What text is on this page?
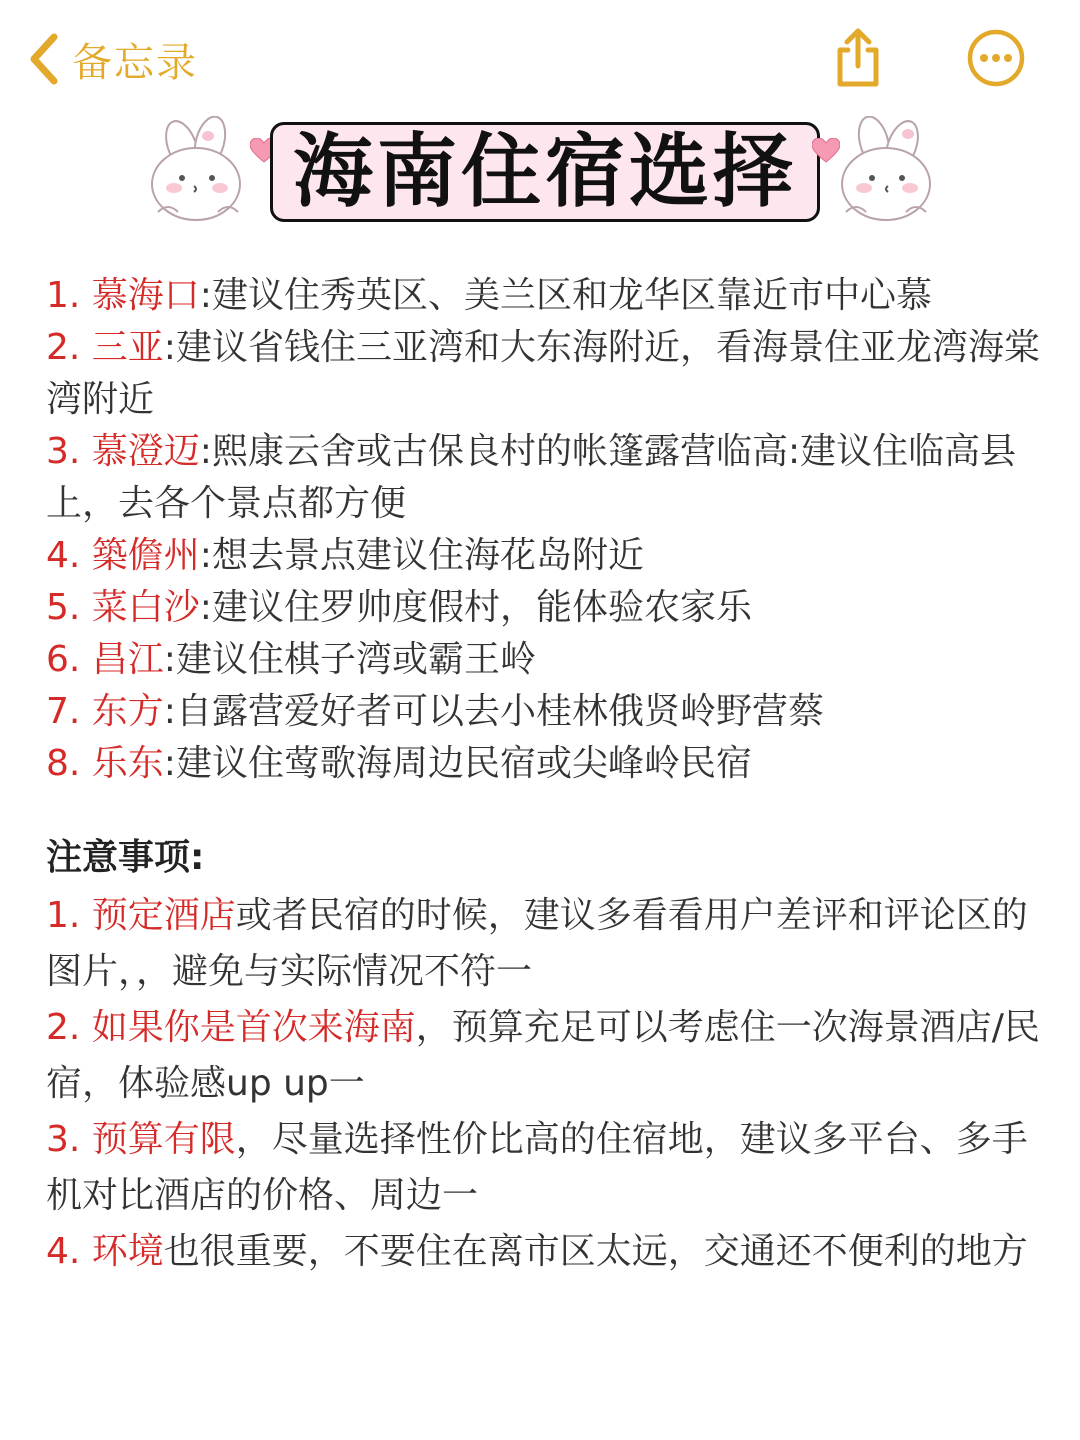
备忘录
海南住宿选择

1. 慕海口:建议住秀英区、美兰区和龙华区靠近市中心慕

2. 三亚:建议省钱住三亚湾和大东海附近，看海景住亚龙湾海棠湾附近

3. 慕澄迈:熙康云舍或古保良村的帐篷露营临高:建议住临高县上，去各个景点都方便

4. 築儋州:想去景点建议住海花岛附近

5. 菜白沙:建议住罗帅度假村，能体验农家乐

6. 昌江:建议住棋子湾或霸王岭

7. 东方:自露营爱好者可以去小桂林俄贤岭野营蔡

8. 乐东:建议住莺歌海周边民宿或尖峰岭民宿

注意事项:

1. 预定酒店或者民宿的时候，建议多看看用户差评和评论区的图片，，避免与实际情况不符一

2. 如果你是首次来海南，预算充足可以考虑住一次海景酒店/民宿，体验感up up一

3. 预算有限，尽量选择性价比高的住宿地，建议多平台、多手机对比酒店的价格、周边一

4. 环境也很重要，不要住在离市区太远，交通还不便利的地方
